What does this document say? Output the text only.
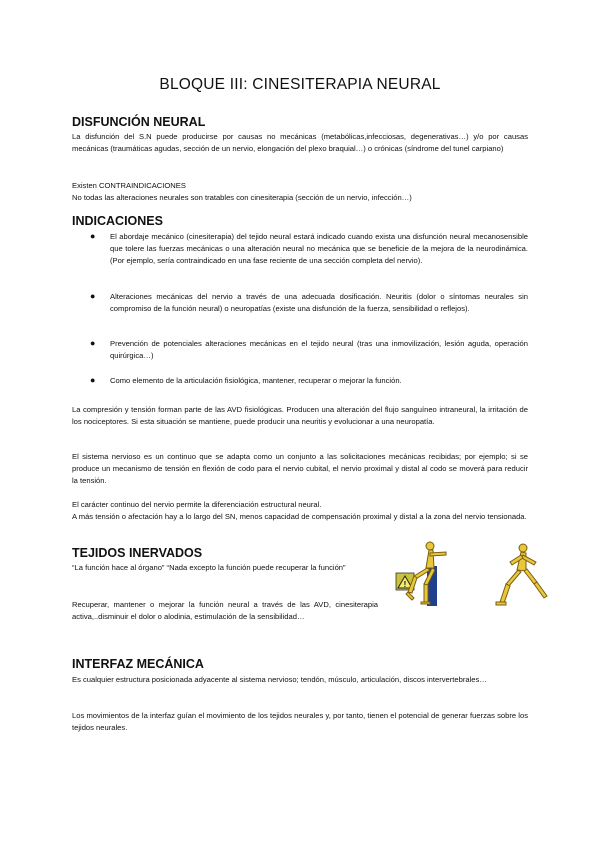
BLOQUE III: CINESITERAPIA NEURAL
DISFUNCIÓN NEURAL

La disfunción del S.N puede producirse por causas no mecánicas (metabólicas,infecciosas, degenerativas…) y/o por causas mecánicas (traumáticas agudas, sección de un nervio, elongación del plexo braquial…) o crónicas (síndrome del tunel carpiano)

Existen CONTRAINDICACIONES

No todas las alteraciones neurales son tratables con cinesiterapia (sección de un nervio, infección…)

INDICACIONES
● El abordaje mecánico (cinesiterapia) del tejido neural estará indicado cuando exista una disfunción neural mecanosensible que tolere las fuerzas mecánicas o una alteración neural no mecánica que se beneficie de la mejora de la neurodinámica. (Por ejemplo, sería contraindicado en una fase reciente de una sección completa del nervio).
● Alteraciones mecánicas del nervio a través de una adecuada dosificación. Neuritis (dolor o síntomas neurales sin compromiso de la función neural) o neuropatías (existe una disfunción de la fuerza, sensibilidad o reflejos).
● Prevención de potenciales alteraciones mecánicas en el tejido neural (tras una inmovilización, lesión aguda, operación quirúrgica…)
● Como elemento de la articulación fisiológica, mantener, recuperar o mejorar la función.

La compresión y tensión forman parte de las AVD fisiológicas. Producen una alteración del flujo sanguíneo intraneural, la irritación de los nociceptores. Si esta situación se mantiene, puede producir una neuritis y evolucionar a una neuropatía.

El sistema nervioso es un continuo que se adapta como un conjunto a las solicitaciones mecánicas recibidas; por ejemplo; si se produce un mecanismo de tensión en flexión de codo para el nervio cubital, el nervio proximal y distal al codo se moverá para reducir la tensión.

El carácter continuo del nervio permite la diferenciación estructural neural.

A más tensión o afectación hay a lo largo del SN, menos capacidad de compensación proximal y distal a la zona del nervio tensionada.

TEJIDOS INERVADOS

“La función hace al órgano” “Nada excepto la función puede recuperar la función”

Recuperar, mantener o mejorar la función neural a través de las AVD, cinesiterapia activa,..disminuir el dolor o alodinia, estimulación de la sensibilidad…

!
INTERFAZ MECÁNICA

Es cualquier estructura posicionada adyacente al sistema nervioso; tendón, músculo, articulación, discos intervertebrales…

Los movimientos de la interfaz guían el movimiento de los tejidos neurales y, por tanto, tienen el potencial de generar fuerzas sobre los tejidos neurales.
